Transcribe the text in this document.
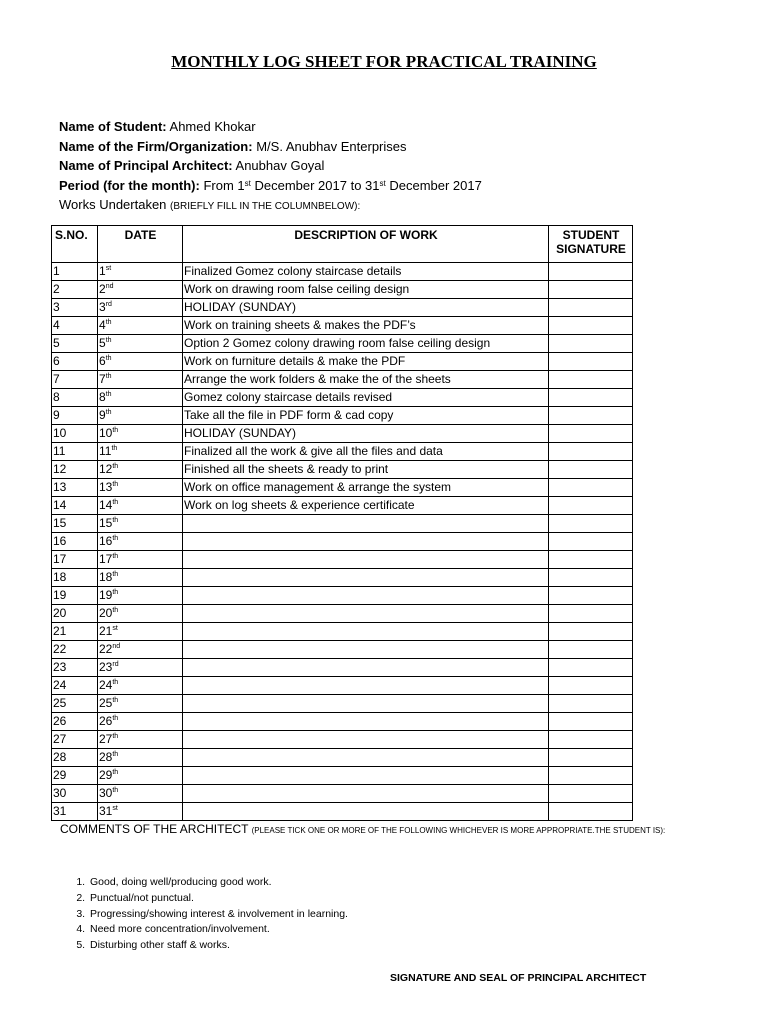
MONTHLY LOG SHEET FOR PRACTICAL TRAINING
Name of Student: Ahmed Khokar
Name of the Firm/Organization: M/S. Anubhav Enterprises
Name of Principal Architect: Anubhav Goyal
Period (for the month): From 1st December 2017 to 31st December 2017
Works Undertaken (BRIEFLY FILL IN THE COLUMNBELOW):
S.NO.	DATE	DESCRIPTION OF WORK	STUDENT SIGNATURE
1	1st	Finalized Gomez colony staircase details	
2	2nd	Work on drawing room false ceiling design	
3	3rd	HOLIDAY (SUNDAY)	
4	4th	Work on training sheets & makes the PDF’s	
5	5th	Option 2 Gomez colony drawing room false ceiling design	
6	6th	Work on furniture details & make the PDF	
7	7th	Arrange the work folders & make the of the sheets	
8	8th	Gomez colony staircase details revised	
9	9th	Take all the file in PDF form & cad copy	
10	10th	HOLIDAY (SUNDAY)	
11	11th	Finalized all the work & give all the files and data	
12	12th	Finished all the sheets & ready to print	
13	13th	Work on office management & arrange the system	
14	14th	Work on log sheets & experience certificate	
15	15th		
16	16th		
17	17th		
18	18th		
19	19th		
20	20th		
21	21st		
22	22nd		
23	23rd		
24	24th		
25	25th		
26	26th		
27	27th		
28	28th		
29	29th		
30	30th		
31	31st		
COMMENTS OF THE ARCHITECT (PLEASE TICK ONE OR MORE OF THE FOLLOWING WHICHEVER IS MORE APPROPRIATE.THE STUDENT IS):
1. Good, doing well/producing good work.
2. Punctual/not punctual.
3. Progressing/showing interest & involvement in learning.
4. Need more concentration/involvement.
5. Disturbing other staff & works.
SIGNATURE AND SEAL OF PRINCIPAL ARCHITECT
